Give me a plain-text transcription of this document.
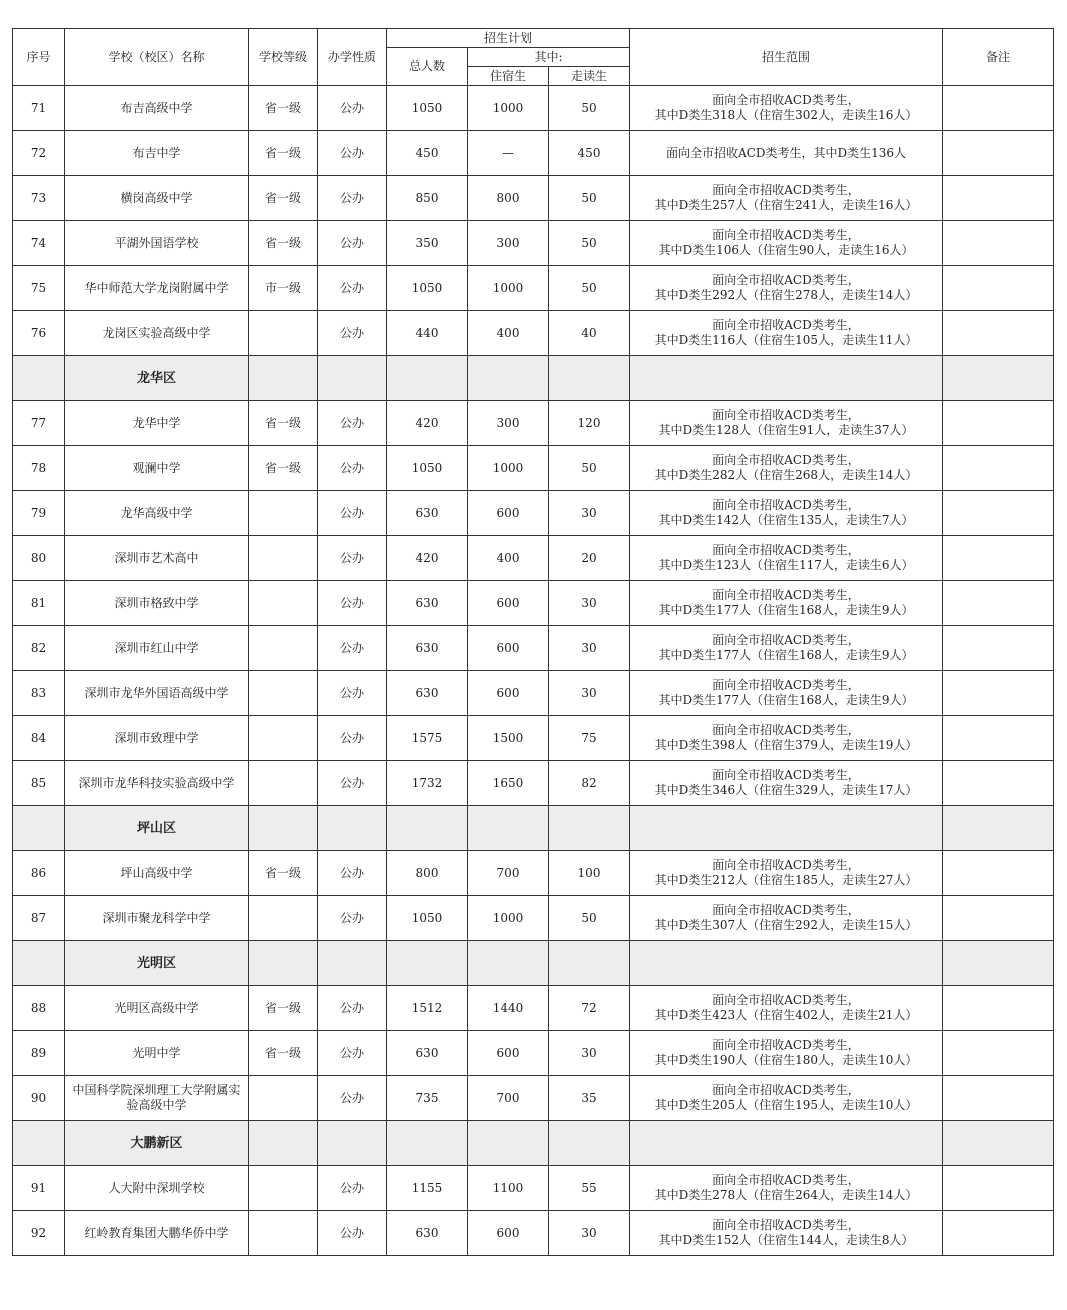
序号	学校（校区）名称	学校等级	办学性质	招生计划			招生范围	备注
				总人数	其中:			
					住宿生	走读生		
71	布吉高级中学	省一级	公办	1050	1000	50	面向全市招收ACD类考生，
其中D类生318人（住宿生302人，走读生16人）	

72	布吉中学	省一级	公办	450	—	450	面向全市招收ACD类考生，其中D类生136人	

73	横岗高级中学	省一级	公办	850	800	50	面向全市招收ACD类考生，
其中D类生257人（住宿生241人，走读生16人）	

74	平湖外国语学校	省一级	公办	350	300	50	面向全市招收ACD类考生，
其中D类生106人（住宿生90人，走读生16人）	

75	华中师范大学龙岗附属中学	市一级	公办	1050	1000	50	面向全市招收ACD类考生，
其中D类生292人（住宿生278人，走读生14人）	

76	龙岗区实验高级中学		公办	440	400	40	面向全市招收ACD类考生，
其中D类生116人（住宿生105人，走读生11人）	

	龙华区							
77	龙华中学	省一级	公办	420	300	120	面向全市招收ACD类考生，
其中D类生128人（住宿生91人，走读生37人）	

78	观澜中学	省一级	公办	1050	1000	50	面向全市招收ACD类考生，
其中D类生282人（住宿生268人，走读生14人）	

79	龙华高级中学		公办	630	600	30	面向全市招收ACD类考生，
其中D类生142人（住宿生135人，走读生7人）	

80	深圳市艺术高中		公办	420	400	20	面向全市招收ACD类考生，
其中D类生123人（住宿生117人，走读生6人）	

81	深圳市格致中学		公办	630	600	30	面向全市招收ACD类考生，
其中D类生177人（住宿生168人，走读生9人）	

82	深圳市红山中学		公办	630	600	30	面向全市招收ACD类考生，
其中D类生177人（住宿生168人，走读生9人）	

83	深圳市龙华外国语高级中学		公办	630	600	30	面向全市招收ACD类考生，
其中D类生177人（住宿生168人，走读生9人）	

84	深圳市致理中学		公办	1575	1500	75	面向全市招收ACD类考生，
其中D类生398人（住宿生379人，走读生19人）	

85	深圳市龙华科技实验高级中学		公办	1732	1650	82	面向全市招收ACD类考生，
其中D类生346人（住宿生329人，走读生17人）	

	坪山区							
86	坪山高级中学	省一级	公办	800	700	100	面向全市招收ACD类考生，
其中D类生212人（住宿生185人，走读生27人）	

87	深圳市聚龙科学中学		公办	1050	1000	50	面向全市招收ACD类考生，
其中D类生307人（住宿生292人，走读生15人）	

	光明区							
88	光明区高级中学	省一级	公办	1512	1440	72	面向全市招收ACD类考生，
其中D类生423人（住宿生402人，走读生21人）	

89	光明中学	省一级	公办	630	600	30	面向全市招收ACD类考生，
其中D类生190人（住宿生180人，走读生10人）	

90	中国科学院深圳理工大学附属实验高级中学		公办	735	700	35	面向全市招收ACD类考生，
其中D类生205人（住宿生195人，走读生10人）	

	大鹏新区							
91	人大附中深圳学校		公办	1155	1100	55	面向全市招收ACD类考生，
其中D类生278人（住宿生264人，走读生14人）	

92	红岭教育集团大鹏华侨中学		公办	630	600	30	面向全市招收ACD类考生，
其中D类生152人（住宿生144人，走读生8人）	
